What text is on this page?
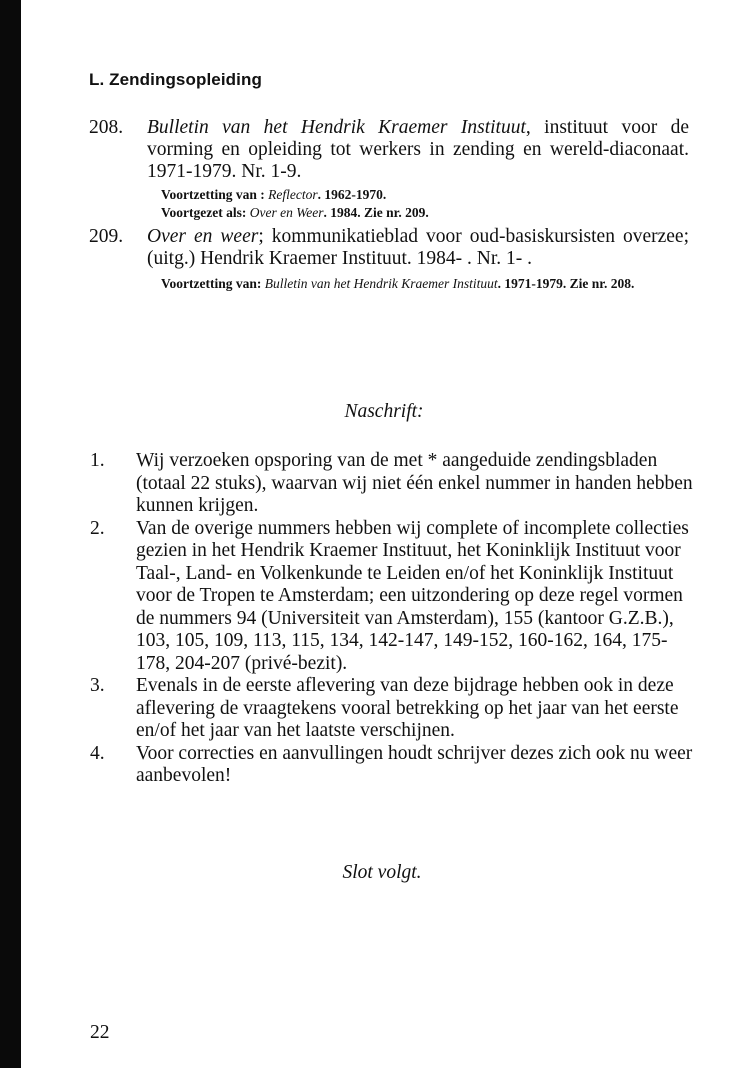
L. Zendingsopleiding
208. Bulletin van het Hendrik Kraemer Instituut, instituut voor de vorming en opleiding tot werkers in zending en wereld-diaconaat. 1971-1979. Nr. 1-9.
Voortzetting van : Reflector. 1962-1970.
Voortgezet als: Over en Weer. 1984. Zie nr. 209.
209. Over en weer; kommunikatieblad voor oud-basiskursisten overzee; (uitg.) Hendrik Kraemer Instituut. 1984- . Nr. 1- .
Voortzetting van: Bulletin van het Hendrik Kraemer Instituut. 1971-1979. Zie nr. 208.
Naschrift:
1. Wij verzoeken opsporing van de met * aangeduide zendingsbladen (totaal 22 stuks), waarvan wij niet één enkel nummer in handen hebben kunnen krijgen.
2. Van de overige nummers hebben wij complete of incomplete collecties gezien in het Hendrik Kraemer Instituut, het Koninklijk Instituut voor Taal-, Land- en Volkenkunde te Leiden en/of het Koninklijk Instituut voor de Tropen te Amsterdam; een uitzondering op deze regel vormen de nummers 94 (Universiteit van Amsterdam), 155 (kantoor G.Z.B.), 103, 105, 109, 113, 115, 134, 142-147, 149-152, 160-162, 164, 175-178, 204-207 (privé-bezit).
3. Evenals in de eerste aflevering van deze bijdrage hebben ook in deze aflevering de vraagtekens vooral betrekking op het jaar van het eerste en/of het jaar van het laatste verschijnen.
4. Voor correcties en aanvullingen houdt schrijver dezes zich ook nu weer aanbevolen!
Slot volgt.
22
